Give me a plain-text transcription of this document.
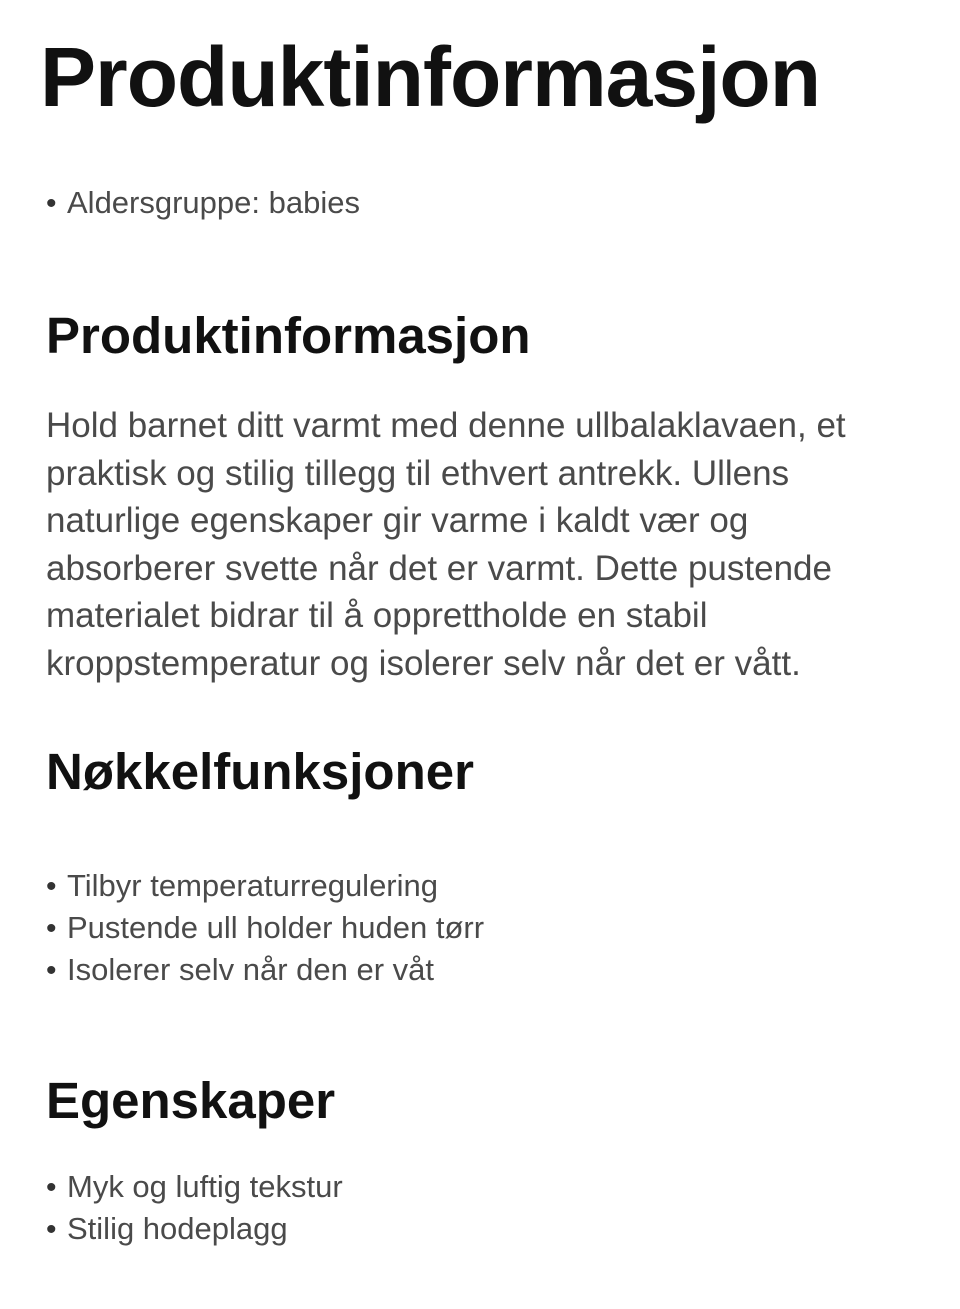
Produktinformasjon
• Aldersgruppe: babies
Produktinformasjon

Hold barnet ditt varmt med denne ullbalaklavaen, et praktisk og stilig tillegg til ethvert antrekk. Ullens naturlige egenskaper gir varme i kaldt vær og absorberer svette når det er varmt. Dette pustende materialet bidrar til å opprettholde en stabil kroppstemperatur og isolerer selv når det er vått.

Nøkkelfunksjoner
• Tilbyr temperaturregulering
• Pustende ull holder huden tørr
• Isolerer selv når den er våt
Egenskaper
• Myk og luftig tekstur
• Stilig hodeplagg
